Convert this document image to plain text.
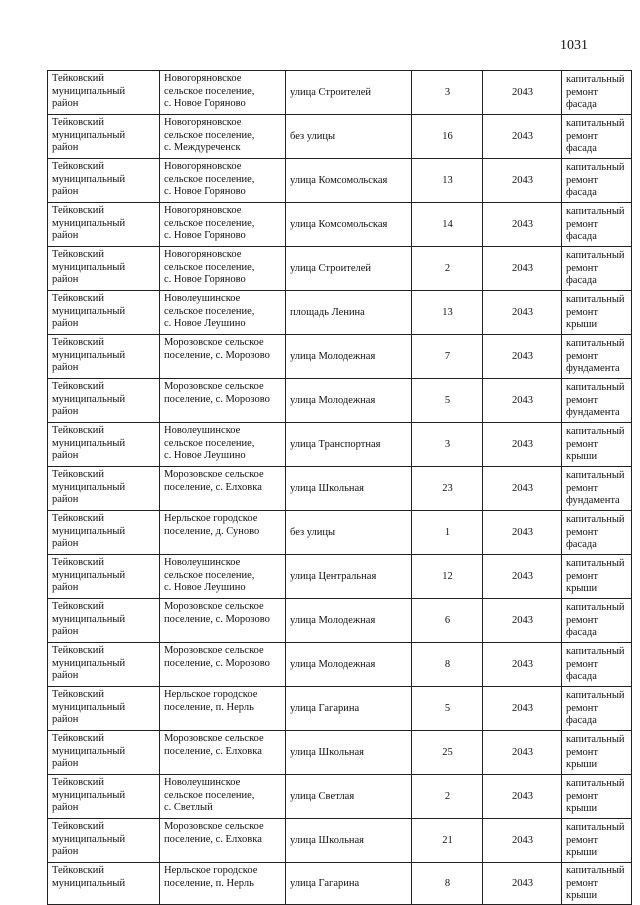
1031
Тейковский
муниципальный
район	Новогоряновское
сельское поселение,
с. Новое Горяново	улица Строителей	3	2043	капитальный
ремонт фасада
Тейковский
муниципальный
район	Новогоряновское
сельское поселение,
с. Междуреченск	без улицы	16	2043	капитальный
ремонт фасада
Тейковский
муниципальный
район	Новогоряновское
сельское поселение,
с. Новое Горяново	улица Комсомольская	13	2043	капитальный
ремонт фасада
Тейковский
муниципальный
район	Новогоряновское
сельское поселение,
с. Новое Горяново	улица Комсомольская	14	2043	капитальный
ремонт фасада
Тейковский
муниципальный
район	Новогоряновское
сельское поселение,
с. Новое Горяново	улица Строителей	2	2043	капитальный
ремонт фасада
Тейковский
муниципальный
район	Новолеушинское
сельское поселение,
с. Новое Леушино	площадь Ленина	13	2043	капитальный
ремонт крыши
Тейковский
муниципальный
район	Морозовское сельское
поселение, с. Морозово	улица Молодежная	7	2043	капитальный
ремонт
фундамента
Тейковский
муниципальный
район	Морозовское сельское
поселение, с. Морозово	улица Молодежная	5	2043	капитальный
ремонт
фундамента
Тейковский
муниципальный
район	Новолеушинское
сельское поселение,
с. Новое Леушино	улица Транспортная	3	2043	капитальный
ремонт крыши
Тейковский
муниципальный
район	Морозовское сельское
поселение, с. Елховка	улица Школьная	23	2043	капитальный
ремонт
фундамента
Тейковский
муниципальный
район	Нерльское городское
поселение, д. Суново	без улицы	1	2043	капитальный
ремонт фасада
Тейковский
муниципальный
район	Новолеушинское
сельское поселение,
с. Новое Леушино	улица Центральная	12	2043	капитальный
ремонт крыши
Тейковский
муниципальный
район	Морозовское сельское
поселение, с. Морозово	улица Молодежная	6	2043	капитальный
ремонт фасада
Тейковский
муниципальный
район	Морозовское сельское
поселение, с. Морозово	улица Молодежная	8	2043	капитальный
ремонт фасада
Тейковский
муниципальный
район	Нерльское городское
поселение, п. Нерль	улица Гагарина	5	2043	капитальный
ремонт фасада
Тейковский
муниципальный
район	Морозовское сельское
поселение, с. Елховка	улица Школьная	25	2043	капитальный
ремонт крыши
Тейковский
муниципальный
район	Новолеушинское
сельское поселение,
с. Светлый	улица Светлая	2	2043	капитальный
ремонт крыши
Тейковский
муниципальный
район	Морозовское сельское
поселение, с. Елховка	улица Школьная	21	2043	капитальный
ремонт крыши
Тейковский
муниципальный	Нерльское городское
поселение, п. Нерль	улица Гагарина	8	2043	капитальный
ремонт крыши
